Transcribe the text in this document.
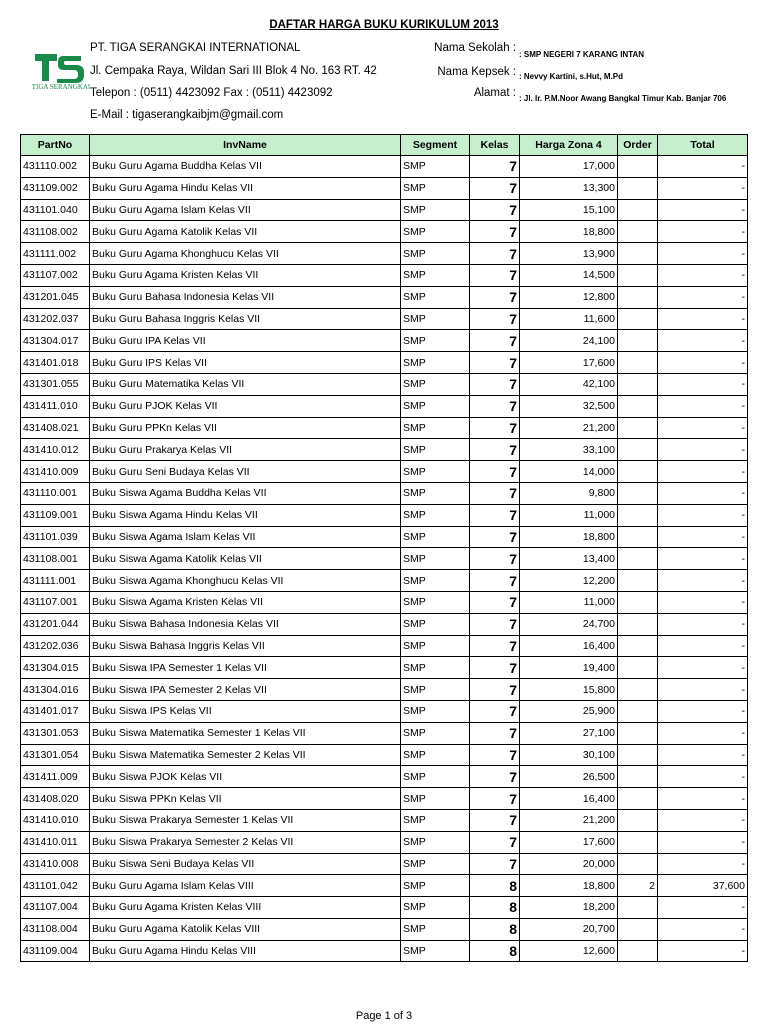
DAFTAR HARGA BUKU KURIKULUM 2013
TIGA SERANGKAI
PT. TIGA SERANGKAI INTERNATIONAL
Jl. Cempaka Raya, Wildan Sari III Blok 4 No. 163 RT. 42
Telepon : (0511) 4423092 Fax : (0511) 4423092
E-Mail : tigaserangkaibjm@gmail.com
Nama Sekolah :
: SMP NEGERI 7 KARANG INTAN
Nama Kepsek : : Nevvy Kartini, s.Hut, M.Pd
Alamat : : Jl. Ir. P.M.Noor Awang Bangkal Timur Kab. Banjar 706
PartNo	InvName	Segment	Kelas	Harga Zona 4	Order	Total
431110.002	Buku Guru Agama Buddha Kelas VII	SMP	7	17,000		-
431109.002	Buku Guru Agama Hindu Kelas VII	SMP	7	13,300		-
431101.040	Buku Guru Agama Islam Kelas VII	SMP	7	15,100		-
431108.002	Buku Guru Agama Katolik Kelas VII	SMP	7	18,800		-
431111.002	Buku Guru Agama Khonghucu Kelas VII	SMP	7	13,900		-
431107.002	Buku Guru Agama Kristen Kelas VII	SMP	7	14,500		-
431201.045	Buku Guru Bahasa Indonesia Kelas VII	SMP	7	12,800		-
431202.037	Buku Guru Bahasa Inggris Kelas VII	SMP	7	11,600		-
431304.017	Buku Guru IPA Kelas VII	SMP	7	24,100		-
431401.018	Buku Guru IPS Kelas VII	SMP	7	17,600		-
431301.055	Buku Guru Matematika Kelas VII	SMP	7	42,100		-
431411.010	Buku Guru PJOK Kelas VII	SMP	7	32,500		-
431408.021	Buku Guru PPKn Kelas VII	SMP	7	21,200		-
431410.012	Buku Guru Prakarya Kelas VII	SMP	7	33,100		-
431410.009	Buku Guru Seni Budaya Kelas VII	SMP	7	14,000		-
431110.001	Buku Siswa Agama Buddha Kelas VII	SMP	7	9,800		-
431109.001	Buku Siswa Agama Hindu Kelas VII	SMP	7	11,000		-
431101.039	Buku Siswa Agama Islam Kelas VII	SMP	7	18,800		-
431108.001	Buku Siswa Agama Katolik Kelas VII	SMP	7	13,400		-
431111.001	Buku Siswa Agama Khonghucu Kelas VII	SMP	7	12,200		-
431107.001	Buku Siswa Agama Kristen Kelas VII	SMP	7	11,000		-
431201.044	Buku Siswa Bahasa Indonesia Kelas VII	SMP	7	24,700		-
431202.036	Buku Siswa Bahasa Inggris Kelas VII	SMP	7	16,400		-
431304.015	Buku Siswa IPA Semester 1 Kelas VII	SMP	7	19,400		-
431304.016	Buku Siswa IPA Semester 2 Kelas VII	SMP	7	15,800		-
431401.017	Buku Siswa IPS Kelas VII	SMP	7	25,900		-
431301.053	Buku Siswa Matematika Semester 1 Kelas VII	SMP	7	27,100		-
431301.054	Buku Siswa Matematika Semester 2 Kelas VII	SMP	7	30,100		-
431411.009	Buku Siswa PJOK Kelas VII	SMP	7	26,500		-
431408.020	Buku Siswa PPKn Kelas VII	SMP	7	16,400		-
431410.010	Buku Siswa Prakarya Semester 1 Kelas VII	SMP	7	21,200		-
431410.011	Buku Siswa Prakarya Semester 2 Kelas VII	SMP	7	17,600		-
431410.008	Buku Siswa Seni Budaya Kelas VII	SMP	7	20,000		-
431101.042	Buku Guru Agama Islam Kelas VIII	SMP	8	18,800	2	37,600
431107.004	Buku Guru Agama Kristen Kelas VIII	SMP	8	18,200		-
431108.004	Buku Guru Agama Katolik Kelas VIII	SMP	8	20,700		-
431109.004	Buku Guru Agama Hindu Kelas VIII	SMP	8	12,600		-
Page 1 of 3
